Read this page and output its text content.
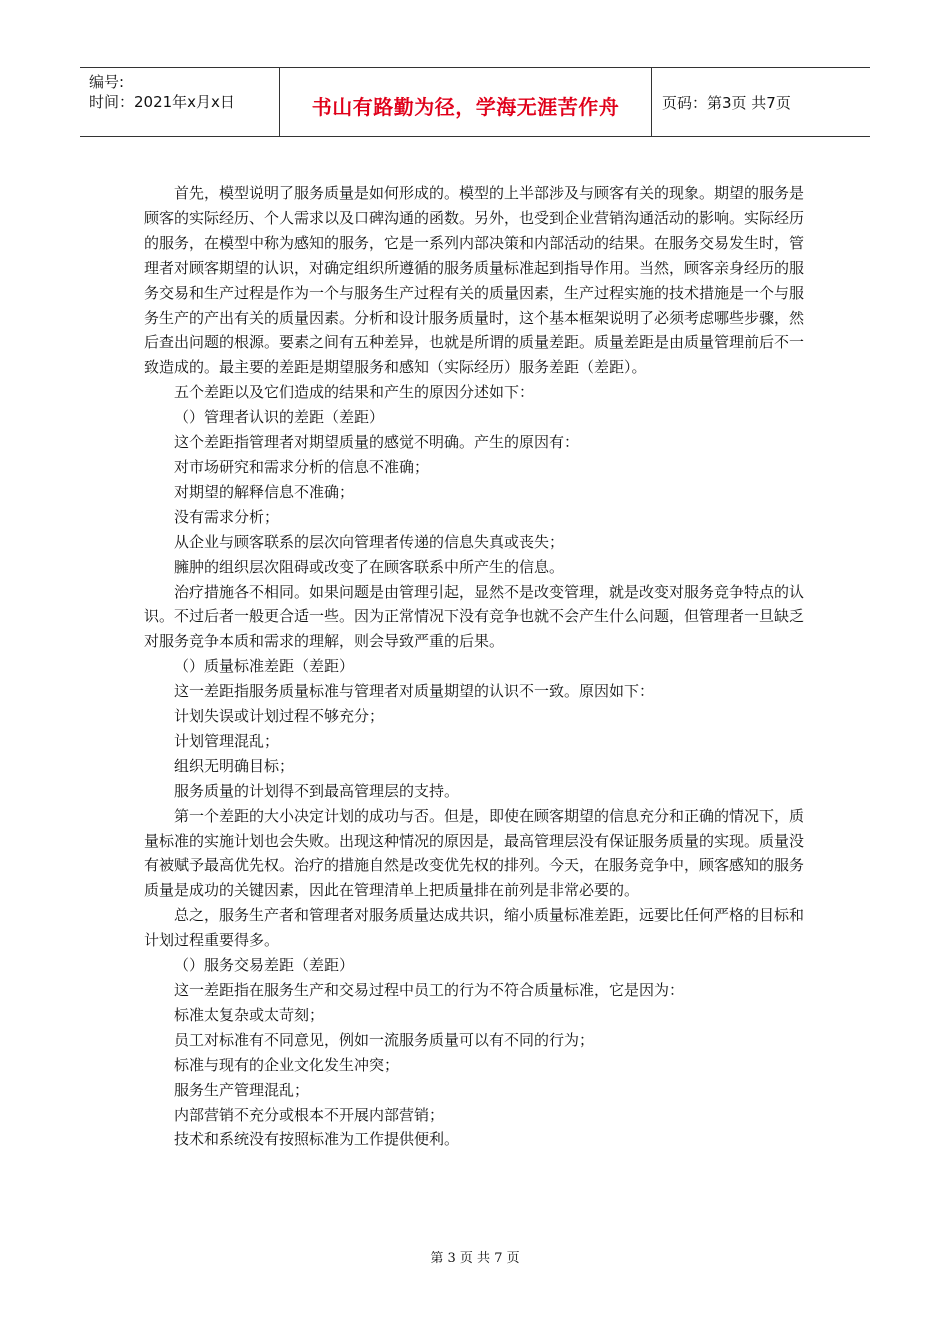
编号:
时间：2021年x月x日	书山有路勤为径，学海无涯苦作舟	页码：第3页 共7页

首先，模型说明了服务质量是如何形成的。模型的上半部涉及与顾客有关的现象。期望的服务是顾客的实际经历、个人需求以及口碑沟通的函数。另外，也受到企业营销沟通活动的影响。实际经历的服务，在模型中称为感知的服务，它是一系列内部决策和内部活动的结果。在服务交易发生时，管理者对顾客期望的认识，对确定组织所遵循的服务质量标准起到指导作用。当然，顾客亲身经历的服务交易和生产过程是作为一个与服务生产过程有关的质量因素，生产过程实施的技术措施是一个与服务生产的产出有关的质量因素。分析和设计服务质量时，这个基本框架说明了必须考虑哪些步骤，然后查出问题的根源。要素之间有五种差异，也就是所谓的质量差距。质量差距是由质量管理前后不一致造成的。最主要的差距是期望服务和感知（实际经历）服务差距（差距）。

五个差距以及它们造成的结果和产生的原因分述如下：

（）管理者认识的差距（差距）

这个差距指管理者对期望质量的感觉不明确。产生的原因有：

对市场研究和需求分析的信息不准确；

对期望的解释信息不准确；

没有需求分析；

从企业与顾客联系的层次向管理者传递的信息失真或丧失；

臃肿的组织层次阻碍或改变了在顾客联系中所产生的信息。

治疗措施各不相同。如果问题是由管理引起，显然不是改变管理，就是改变对服务竞争特点的认识。不过后者一般更合适一些。因为正常情况下没有竞争也就不会产生什么问题，但管理者一旦缺乏对服务竞争本质和需求的理解，则会导致严重的后果。

（）质量标准差距（差距）

这一差距指服务质量标准与管理者对质量期望的认识不一致。原因如下：

计划失误或计划过程不够充分；

计划管理混乱；

组织无明确目标；

服务质量的计划得不到最高管理层的支持。

第一个差距的大小决定计划的成功与否。但是，即使在顾客期望的信息充分和正确的情况下，质量标准的实施计划也会失败。出现这种情况的原因是，最高管理层没有保证服务质量的实现。质量没有被赋予最高优先权。治疗的措施自然是改变优先权的排列。今天，在服务竞争中，顾客感知的服务质量是成功的关键因素，因此在管理清单上把质量排在前列是非常必要的。

总之，服务生产者和管理者对服务质量达成共识，缩小质量标准差距，远要比任何严格的目标和计划过程重要得多。

（）服务交易差距（差距）

这一差距指在服务生产和交易过程中员工的行为不符合质量标准，它是因为：

标准太复杂或太苛刻；

员工对标准有不同意见，例如一流服务质量可以有不同的行为；

标准与现有的企业文化发生冲突；

服务生产管理混乱；

内部营销不充分或根本不开展内部营销；

技术和系统没有按照标准为工作提供便利。

第 3 页 共 7 页
